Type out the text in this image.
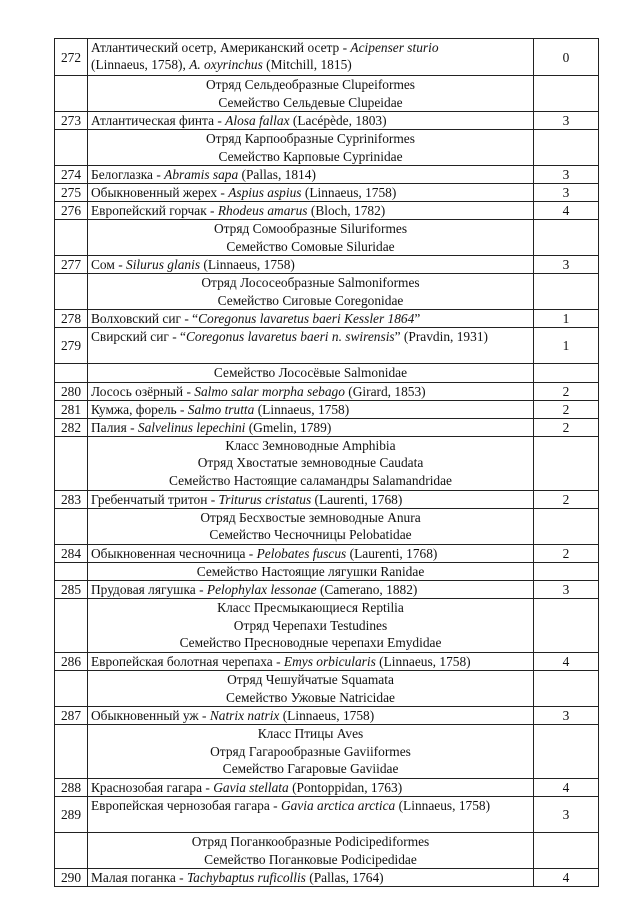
272	Атлантический осетр, Американский осетр - Acipenser sturio
(Linnaeus, 1758), A. oxyrinchus (Mitchill, 1815)	0

	Отряд Сельдеобразные Clupeiformes
Семейство Сельдевые Clupeidae	

273	Атлантическая финта - Alosa fallax (Lacépède, 1803)	3

	Отряд Карпообразные Cypriniformes
Семейство Карповые Cyprinidae	

274	Белоглазка - Abramis sapa (Pallas, 1814)	3
275	Обыкновенный жерех - Aspius aspius (Linnaeus, 1758)	3
276	Европейский горчак - Rhodeus amarus (Bloch, 1782)	4

	Отряд Сомообразные Siluriformes
Семейство Сомовые Siluridae	

277	Сом - Silurus glanis (Linnaeus, 1758)	3

	Отряд Лососеобразные Salmoniformes
Семейство Сиговые Coregonidae	

278	Волховский сиг - “Coregonus lavaretus baeri Kessler 1864”	1
279	Свирский сиг - “Coregonus lavaretus baeri n. swirensis” (Pravdin, 1931)	1

	Семейство Лососёвые Salmonidae	

280	Лосось озёрный - Salmo salar morpha sebago (Girard, 1853)	2
281	Кумжа, форель - Salmo trutta (Linnaeus, 1758)	2
282	Палия - Salvelinus lepechini (Gmelin, 1789)	2

	Класс Земноводные Amphibia
Отряд Хвостатые земноводные Caudata
Семейство Настоящие саламандры Salamandridae	

283	Гребенчатый тритон - Triturus cristatus (Laurenti, 1768)	2

	Отряд Бесхвостые земноводные Anura
Семейство Чесночницы Pelobatidae	

284	Обыкновенная чесночница - Pelobates fuscus (Laurenti, 1768)	2

	Семейство Настоящие лягушки Ranidae	

285	Прудовая лягушка - Pelophylax lessonae (Camerano, 1882)	3

	Класс Пресмыкающиеся Reptilia
Отряд Черепахи Testudines
Семейство Пресноводные черепахи Emydidae	

286	Европейская болотная черепаха - Emys orbicularis (Linnaeus, 1758)	4

	Отряд Чешуйчатые Squamata
Семейство Ужовые Natricidae	

287	Обыкновенный уж - Natrix natrix (Linnaeus, 1758)	3

	Класс Птицы Aves
Отряд Гагарообразные Gaviiformes
Семейство Гагаровые Gaviidae	

288	Краснозобая гагара - Gavia stellata (Pontoppidan, 1763)	4
289	Европейская чернозобая гагара - Gavia arctica arctica (Linnaeus, 1758)	3

	Отряд Поганкообразные Podicipediformes
Семейство Поганковые Podicipedidae	

290	Малая поганка - Tachybaptus ruficollis (Pallas, 1764)	4
